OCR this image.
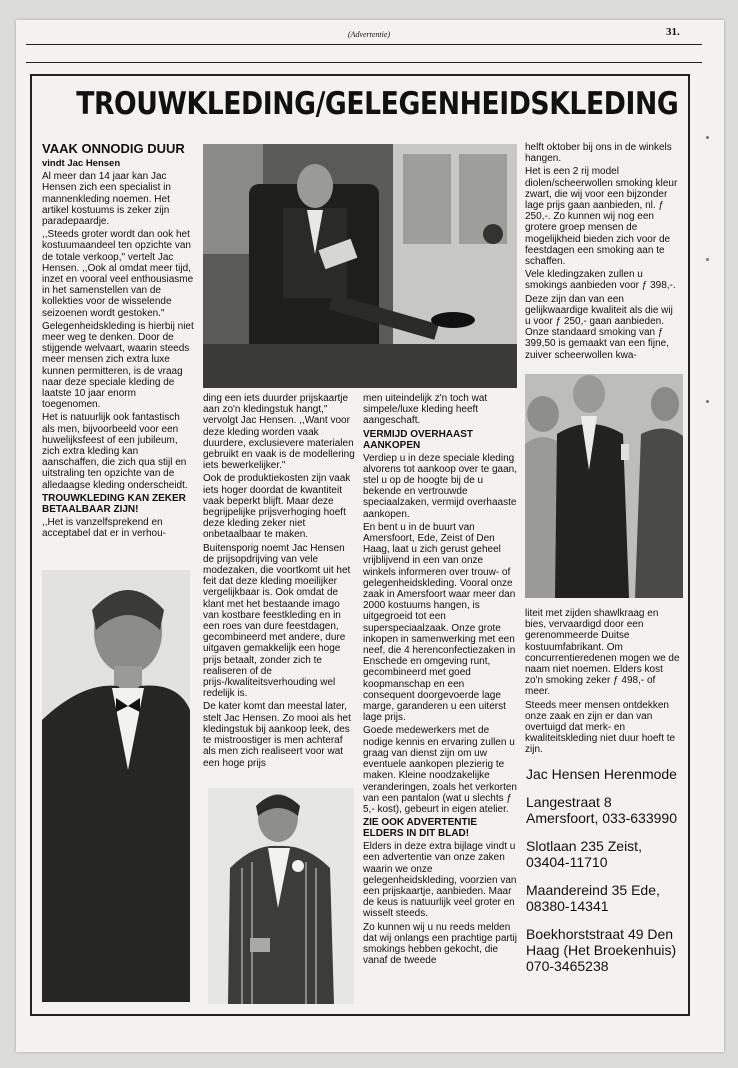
(Advertentie)	31.
TROUWKLEDING/GELEGENHEIDSKLEDING

VAAK ONNODIG DUUR

vindt Jac Hensen

Al meer dan 14 jaar kan Jac Hensen zich een specialist in mannenkleding noemen. Het artikel kostuums is zeker zijn paradepaardje.

,,Steeds groter wordt dan ook het kostuumaandeel ten opzichte van de totale verkoop," vertelt Jac Hensen. ,,Ook al omdat meer tijd, inzet en vooral veel enthousiasme in het samenstellen van de kollekties voor de wisselende seizoenen wordt gestoken."

Gelegenheidskleding is hierbij niet meer weg te denken. Door de stijgende welvaart, waarin steeds meer mensen zich extra luxe kunnen permitteren, is de vraag naar deze speciale kleding de laatste 10 jaar enorm toegenomen.

Het is natuurlijk ook fantastisch als men, bijvoorbeeld voor een huwelijksfeest of een jubileum, zich extra kleding kan aanschaffen, die zich qua stijl en uitstraling ten opzichte van de alledaagse kleding onderscheidt.

TROUWKLEDING KAN ZEKER BETAALBAAR ZIJN!

,,Het is vanzelfsprekend en acceptabel dat er in verhou-

ding een iets duurder prijskaartje aan zo'n kledingstuk hangt," vervolgt Jac Hensen. ,,Want voor deze kleding worden vaak duurdere, exclusievere materialen gebruikt en vaak is de modellering iets bewerkelijker."

Ook de produktiekosten zijn vaak iets hoger doordat de kwantiteit vaak beperkt blijft. Maar deze begrijpelijke prijsverhoging hoeft deze kleding zeker niet onbetaalbaar te maken.

Buitensporig noemt Jac Hensen de prijsopdrijving van vele modezaken, die voortkomt uit het feit dat deze kleding moeilijker vergelijkbaar is. Ook omdat de klant met het bestaande imago van kostbare feestkleding en in een roes van dure feestdagen, gecombineerd met andere, dure uitgaven gemakkelijk een hoge prijs betaalt, zonder zich te realiseren of de prijs-/kwaliteitsverhouding wel redelijk is.

De kater komt dan meestal later, stelt Jac Hensen. Zo mooi als het kledingstuk bij aankoop leek, des te mistroostiger is men achteraf als men zich realiseert voor wat een hoge prijs

men uiteindelijk z'n toch wat simpele/luxe kleding heeft aangeschaft.

VERMIJD OVERHAAST AANKOPEN

Verdiep u in deze speciale kleding alvorens tot aankoop over te gaan, stel u op de hoogte bij de u bekende en vertrouwde speciaalzaken, vermijd overhaaste aankopen.

En bent u in de buurt van Amersfoort, Ede, Zeist of Den Haag, laat u zich gerust geheel vrijblijvend in een van onze winkels informeren over trouw- of gelegenheidskleding. Vooral onze zaak in Amersfoort waar meer dan 2000 kostuums hangen, is uitgegroeid tot een superspeciaalzaak. Onze grote inkopen in samenwerking met een neef, die 4 herenconfectiezaken in Enschede en omgeving runt, gecombineerd met goed koopmanschap en een consequent doorgevoerde lage marge, garanderen u een uiterst lage prijs.

Goede medewerkers met de nodige kennis en ervaring zullen u graag van dienst zijn om uw eventuele aankopen plezierig te maken. Kleine noodzakelijke veranderingen, zoals het verkorten van een pantalon (wat u slechts ƒ 5,- kost), gebeurt in eigen atelier.

ZIE OOK ADVERTENTIE ELDERS IN DIT BLAD!

Elders in deze extra bijlage vindt u een advertentie van onze zaken waarin we onze gelegenheidskleding, voorzien van een prijskaartje, aanbieden. Maar de keus is natuurlijk veel groter en wisselt steeds.

Zo kunnen wij u nu reeds melden dat wij onlangs een prachtige partij smokings hebben gekocht, die vanaf de tweede

helft oktober bij ons in de winkels hangen.

Het is een 2 rij model diolen/scheerwollen smoking kleur zwart, die wij voor een bijzonder lage prijs gaan aanbieden, nl. ƒ 250,-. Zo kunnen wij nog een grotere groep mensen de mogelijkheid bieden zich voor de feestdagen een smoking aan te schaffen.

Vele kledingzaken zullen u smokings aanbieden voor ƒ 398,-.

Deze zijn dan van een gelijkwaardige kwaliteit als die wij u voor ƒ 250,- gaan aanbieden. Onze standaard smoking van ƒ 399,50 is gemaakt van een fijne, zuiver scheerwollen kwa-

liteit met zijden shawlkraag en bies, vervaardigd door een gerenommeerde Duitse kostuumfabrikant. Om concurrentieredenen mogen we de naam niet noemen. Elders kost zo'n smoking zeker ƒ 498,- of meer.

Steeds meer mensen ontdekken onze zaak en zijn er dan van overtuigd dat merk- en kwaliteitskleding niet duur hoeft te zijn.

Jac Hensen Herenmode

Langestraat 8 Amersfoort, 033-633990

Slotlaan 235 Zeist, 03404-11710

Maandereind 35 Ede, 08380-14341

Boekhorststraat 49 Den Haag (Het Broekenhuis) 070-3465238
